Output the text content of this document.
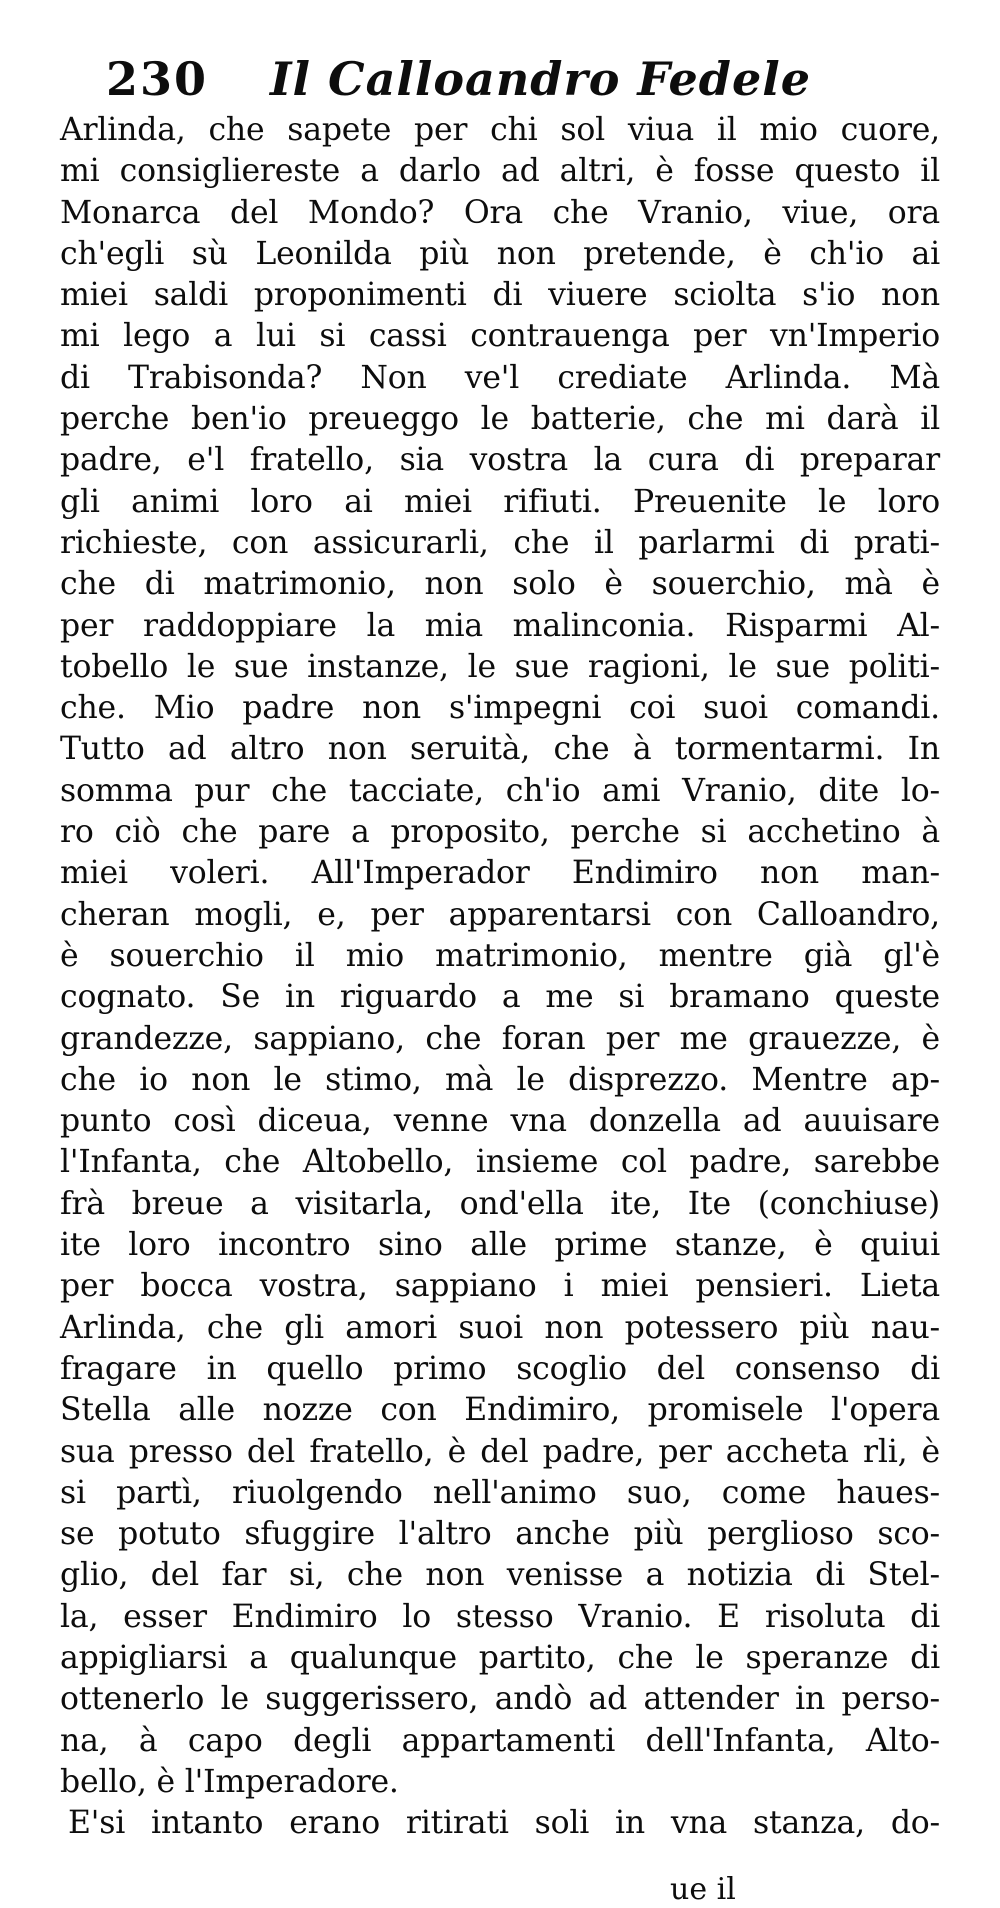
230 Il Calloandro Fedele
Arlinda, che sapete per chi sol viua il mio cuore,
mi consigliereste a darlo ad altri, è fosse questo il
Monarca del Mondo? Ora che Vranio, viue, ora
ch'egli sù Leonilda più non pretende, è ch'io ai
miei saldi proponimenti di viuere sciolta s'io non
mi lego a lui si cassi contrauenga per vn'Imperio
di Trabisonda? Non ve'l crediate Arlinda. Mà
perche ben'io preueggo le batterie, che mi darà il
padre, e'l fratello, sia vostra la cura di preparar
gli animi loro ai miei rifiuti. Preuenite le loro
richieste, con assicurarli, che il parlarmi di prati-
che di matrimonio, non solo è souerchio, mà è
per raddoppiare la mia malinconia. Risparmi Al-
tobello le sue instanze, le sue ragioni, le sue politi-
che. Mio padre non s'impegni coi suoi comandi.
Tutto ad altro non seruità, che à tormentarmi. In
somma pur che tacciate, ch'io ami Vranio, dite lo-
ro ciò che pare a proposito, perche si acchetino à
miei voleri. All'Imperador Endimiro non man-
cheran mogli, e, per apparentarsi con Calloandro,
è souerchio il mio matrimonio, mentre già gl'è
cognato. Se in riguardo a me si bramano queste
grandezze, sappiano, che foran per me grauezze, è
che io non le stimo, mà le disprezzo. Mentre ap-
punto così diceua, venne vna donzella ad auuisare
l'Infanta, che Altobello, insieme col padre, sarebbe
frà breue a visitarla, ond'ella ite, Ite (conchiuse)
ite loro incontro sino alle prime stanze, è quiui
per bocca vostra, sappiano i miei pensieri. Lieta
Arlinda, che gli amori suoi non potessero più nau-
fragare in quello primo scoglio del consenso di
Stella alle nozze con Endimiro, promisele l'opera
sua presso del fratello, è del padre, per accheta rli, è
si partì, riuolgendo nell'animo suo, come haues-
se potuto sfuggire l'altro anche più perglioso sco-
glio, del far si, che non venisse a notizia di Stel-
la, esser Endimiro lo stesso Vranio. E risoluta di
appigliarsi a qualunque partito, che le speranze di
ottenerlo le suggerissero, andò ad attender in perso-
na, à capo degli appartamenti dell'Infanta, Alto-
bello, è l'Imperadore.
E'si intanto erano ritirati soli in vna stanza, do-
ue il
